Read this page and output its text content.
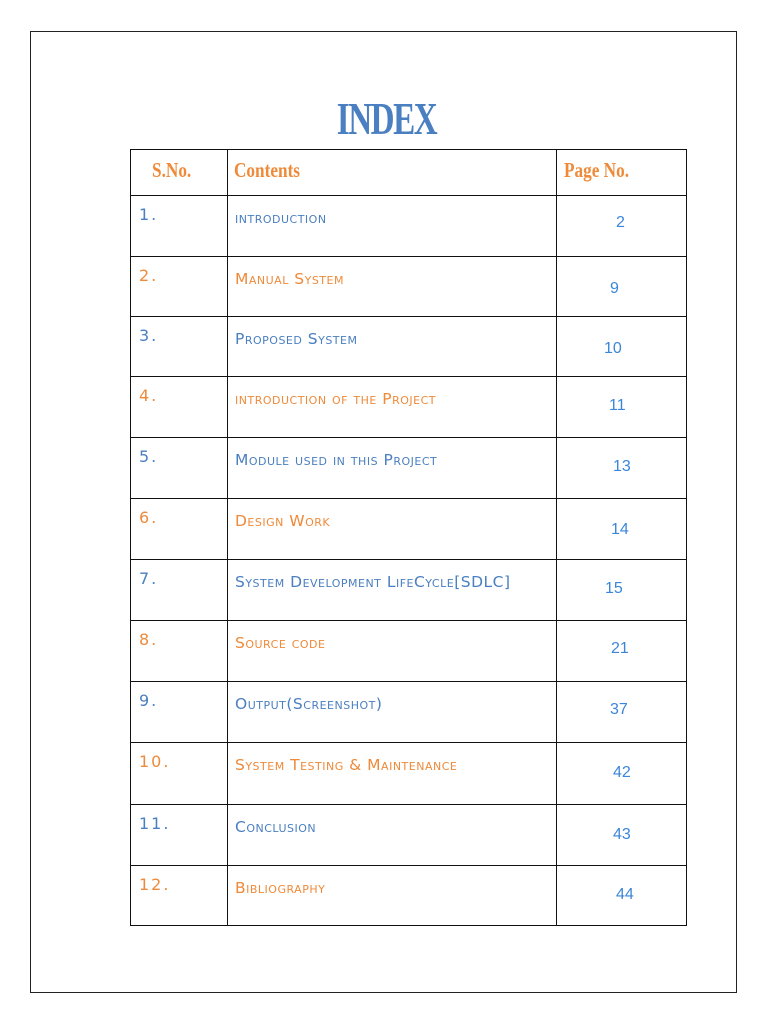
INDEX
S.No.	Contents	Page No.
1.	introduction	2
2.	Manual System	9
3.	Proposed System	10
4.	introduction of the Project	11
5.	Module used in this Project	13
6.	Design Work	14
7.	System Development LifeCycle[SDLC]	15
8.	Source code	21
9.	Output(Screenshot)	37
10.	System Testing & Maintenance	42
11.	Conclusion	43
12.	Bibliography	44
